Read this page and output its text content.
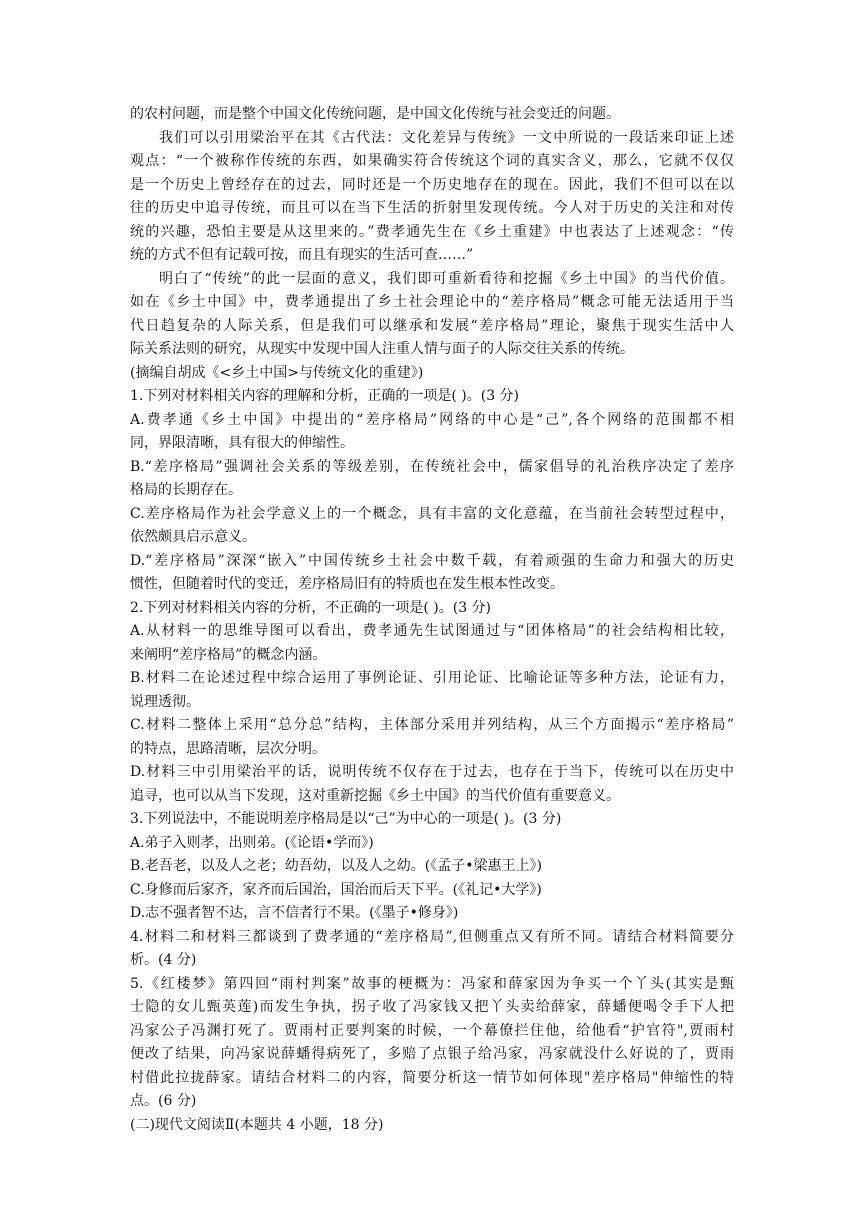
的农村问题，而是整个中国文化传统问题，是中国文化传统与社会变迁的问题。
我们可以引用梁治平在其《古代法：文化差异与传统》一文中所说的一段话来印证上述
观点：“一个被称作传统的东西，如果确实符合传统这个词的真实含义，那么，它就不仅仅
是一个历史上曾经存在的过去，同时还是一个历史地存在的现在。因此，我们不但可以在以
往的历史中追寻传统，而且可以在当下生活的折射里发现传统。今人对于历史的关注和对传
统的兴趣，恐怕主要是从这里来的。”费孝通先生在《乡土重建》中也表达了上述观念：“传
统的方式不但有记载可按，而且有现实的生活可查……”
明白了“传统”的此一层面的意义，我们即可重新看待和挖掘《乡土中国》的当代价值。
如在《乡土中国》中，费孝通提出了乡土社会理论中的“差序格局”概念可能无法适用于当
代日趋复杂的人际关系，但是我们可以继承和发展“差序格局”理论，聚焦于现实生活中人
际关系法则的研究，从现实中发现中国人注重人情与面子的人际交往关系的传统。
(摘编自胡成《<乡土中国>与传统文化的重建》)
1.下列对材料相关内容的理解和分析，正确的一项是( )。(3 分)
A.费孝通《乡土中国》中提出的“差序格局”网络的中心是“己”,各个网络的范围都不相
同，界限清晰，具有很大的伸缩性。
B.“差序格局”强调社会关系的等级差别，在传统社会中，儒家倡导的礼治秩序决定了差序
格局的长期存在。
C.差序格局作为社会学意义上的一个概念，具有丰富的文化意蕴，在当前社会转型过程中，
依然颇具启示意义。
D.“差序格局”深深“嵌入”中国传统乡土社会中数千载，有着顽强的生命力和强大的历史
惯性，但随着时代的变迁，差序格局旧有的特质也在发生根本性改变。
2.下列对材料相关内容的分析，不正确的一项是( )。(3 分)
A.从材料一的思维导图可以看出，费孝通先生试图通过与“团体格局”的社会结构相比较，
来阐明“差序格局”的概念内涵。
B.材料二在论述过程中综合运用了事例论证、引用论证、比喻论证等多种方法，论证有力，
说理透彻。
C.材料二整体上采用“总分总”结构，主体部分采用并列结构，从三个方面揭示“差序格局”
的特点，思路清晰，层次分明。
D.材料三中引用梁治平的话，说明传统不仅存在于过去，也存在于当下，传统可以在历史中
追寻，也可以从当下发现，这对重新挖掘《乡土中国》的当代价值有重要意义。
3.下列说法中，不能说明差序格局是以“己”为中心的一项是( )。(3 分)
A.弟子入则孝，出则弟。(《论语•学而》)
B.老吾老，以及人之老；幼吾幼，以及人之幼。(《孟子•梁惠王上》)
C.身修而后家齐，家齐而后国治，国治而后天下平。(《礼记•大学》)
D.志不强者智不达，言不信者行不果。(《墨子•修身》)
4.材料二和材料三都谈到了费孝通的“差序格局”,但侧重点又有所不同。请结合材料简要分
析。(4 分)
5.《红楼梦》第四回“雨村判案”故事的梗概为：冯家和薛家因为争买一个丫头(其实是甄
士隐的女儿甄英莲)而发生争执，拐子收了冯家钱又把丫头卖给薛家，薛蟠便喝令手下人把
冯家公子冯渊打死了。贾雨村正要判案的时候，一个幕僚拦住他，给他看“护官符",贾雨村
便改了结果，向冯家说薛蟠得病死了，多赔了点银子给冯家，冯家就没什么好说的了，贾雨
村借此拉拢薛家。请结合材料二的内容，简要分析这一情节如何体现"差序格局"伸缩性的特
点。(6 分)
(二)现代文阅读Ⅱ(本题共 4 小题，18 分)
